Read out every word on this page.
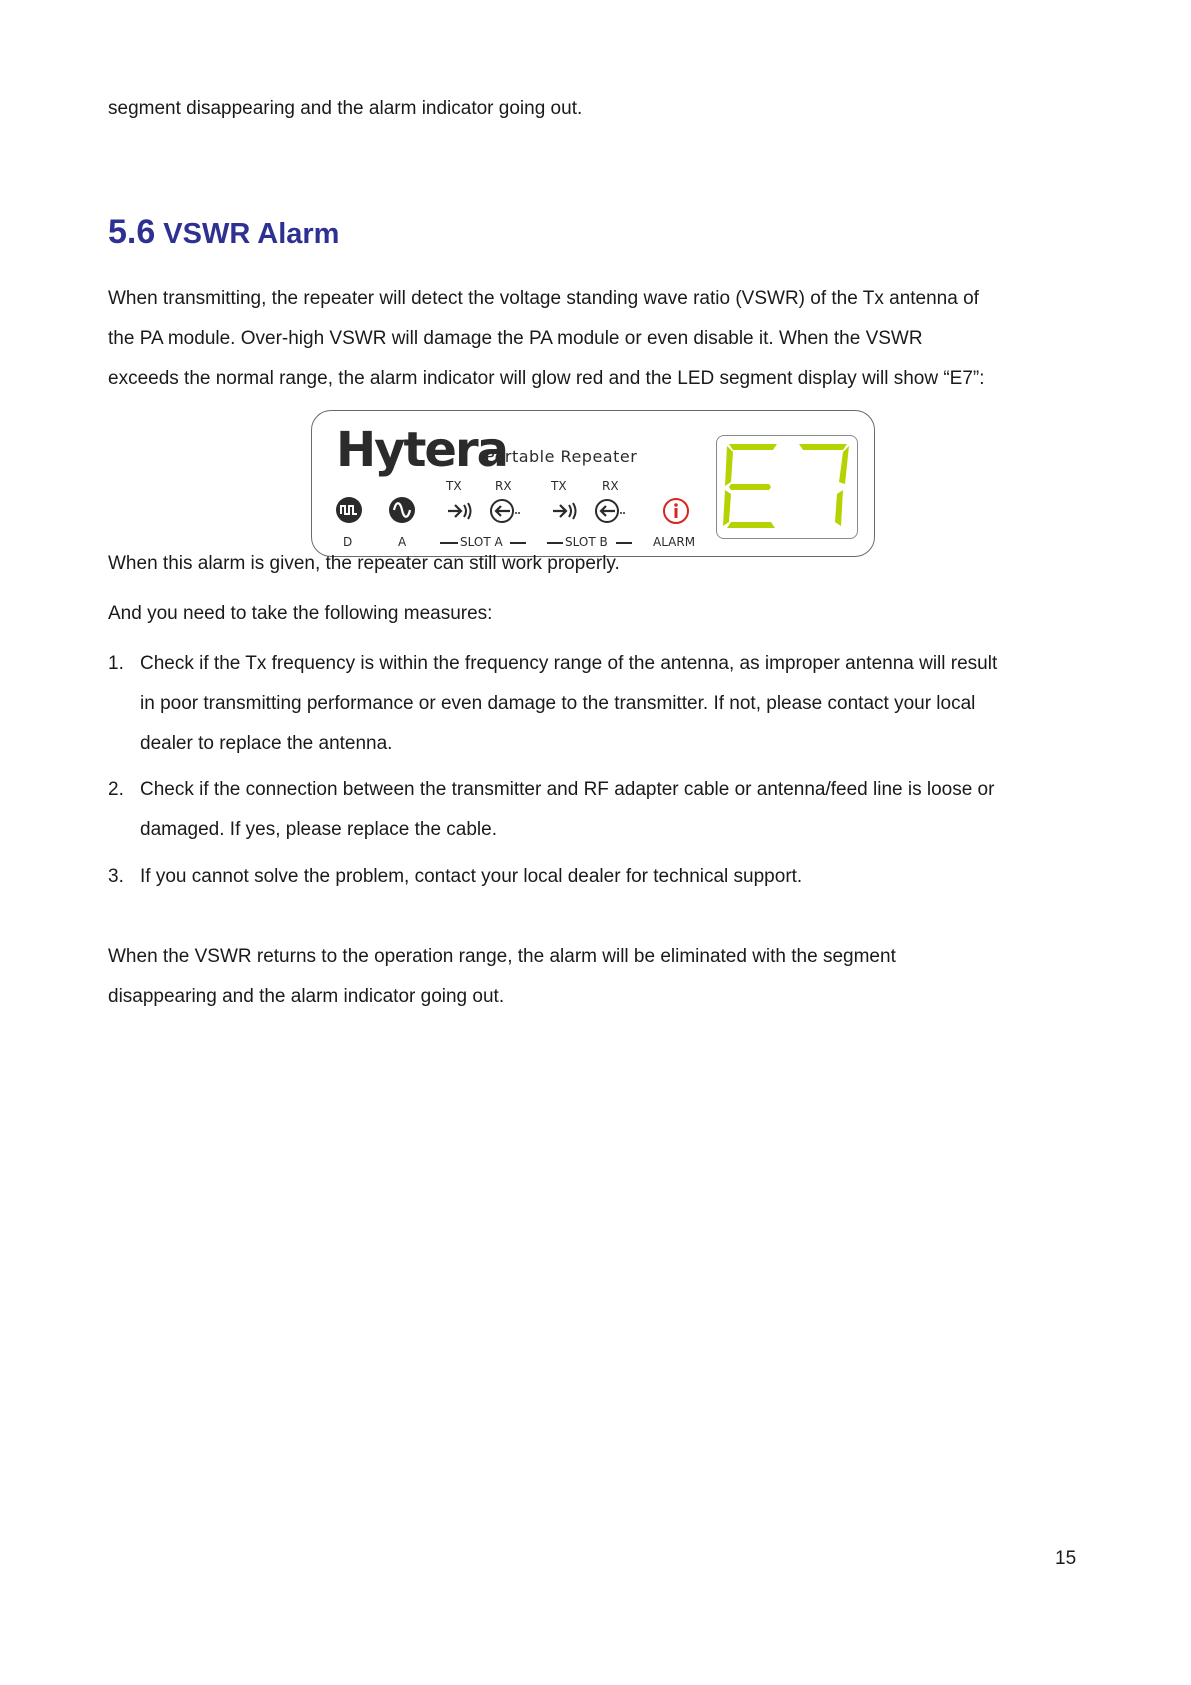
segment disappearing and the alarm indicator going out.

5.6 VSWR Alarm
When transmitting, the repeater will detect the voltage standing wave ratio (VSWR) of the Tx antenna of
the PA module. Over-high VSWR will damage the PA module or even disable it. When the VSWR
exceeds the normal range, the alarm indicator will glow red and the LED segment display will show “E7”:
Hytera
Portable Repeater
TX	RX	TX	RX
D	A	SLOT A	SLOT B	ALARM

When this alarm is given, the repeater can still work properly.

And you need to take the following measures:

1. Check if the Tx frequency is within the frequency range of the antenna, as improper antenna will result
in poor transmitting performance or even damage to the transmitter. If not, please contact your local
dealer to replace the antenna.
2. Check if the connection between the transmitter and RF adapter cable or antenna/feed line is loose or
damaged. If yes, please replace the cable.
3. If you cannot solve the problem, contact your local dealer for technical support.
When the VSWR returns to the operation range, the alarm will be eliminated with the segment
disappearing and the alarm indicator going out.
15
